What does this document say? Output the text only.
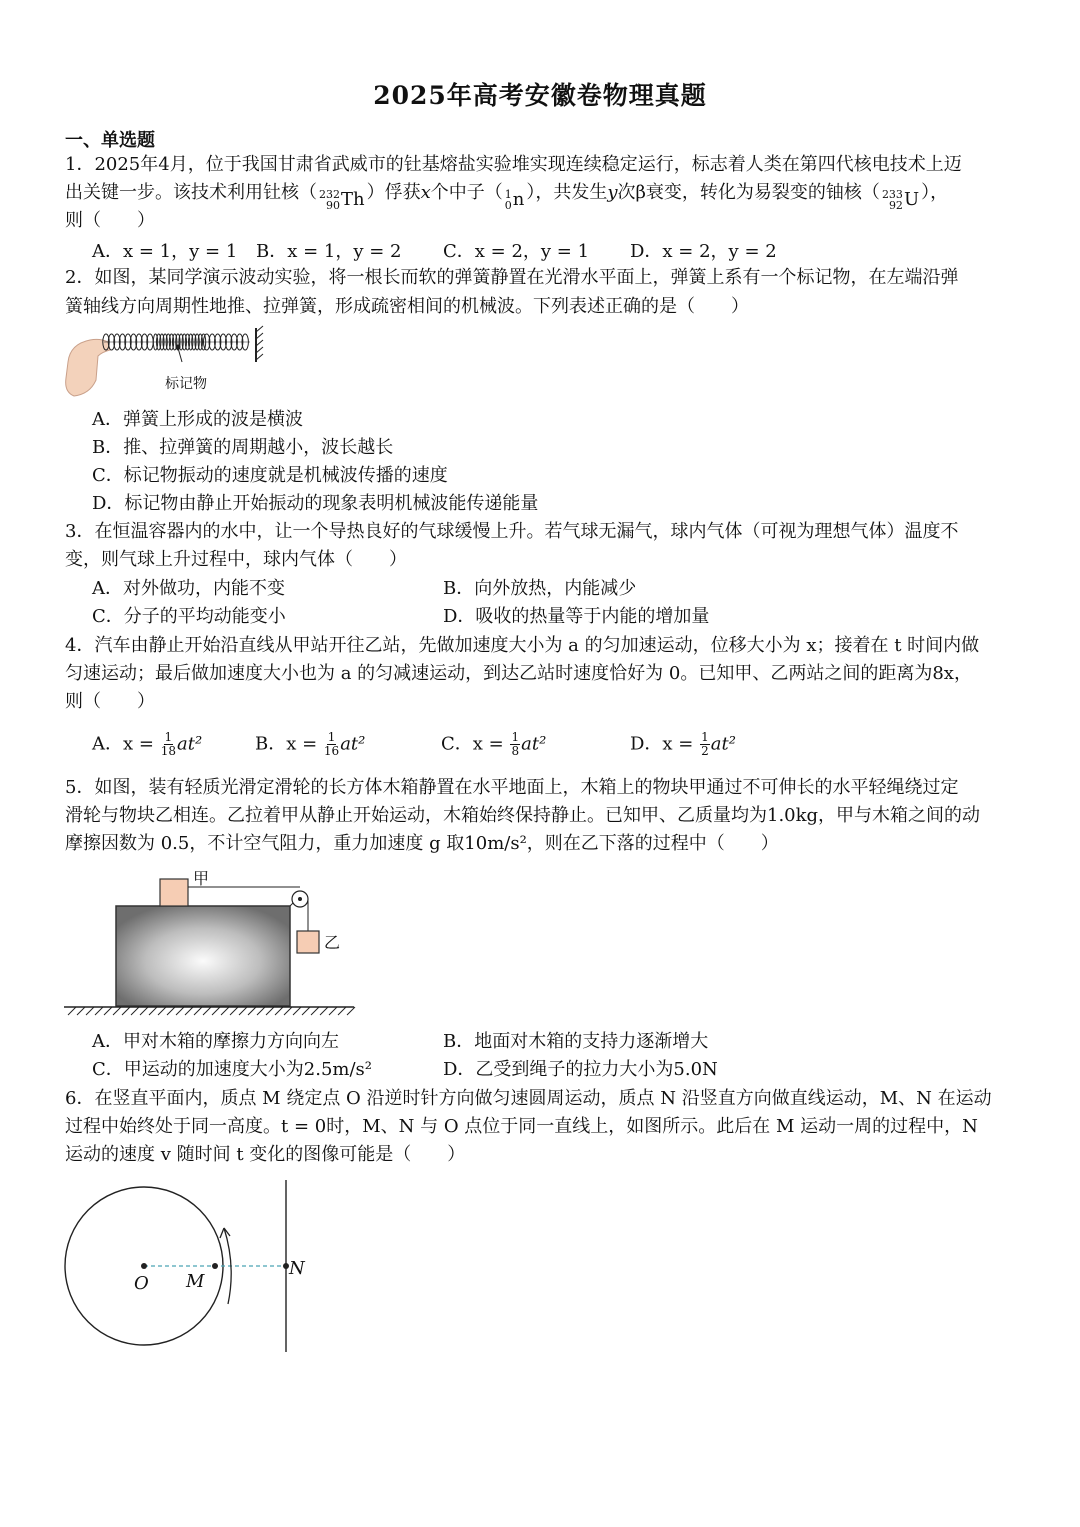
2025年高考安徽卷物理真题
一、单选题
1．2025年4月，位于我国甘肃省武威市的钍基熔盐实验堆实现连续稳定运行，标志着人类在第四代核电技术上迈
出关键一步。该技术利用钍核（ 232
90 Th ）俘获x个中子（ 1
0 n ），共发生y次β衰变，转化为易裂变的铀核（ 233
92 U ），
则（　　）
A．x = 1，y = 1 B．x = 1，y = 2 C．x = 2，y = 1 D．x = 2，y = 2
2．如图，某同学演示波动实验，将一根长而软的弹簧静置在光滑水平面上，弹簧上系有一个标记物，在左端沿弹
簧轴线方向周期性地推、拉弹簧，形成疏密相间的机械波。下列表述正确的是（　　）
标记物
A．弹簧上形成的波是横波
B．推、拉弹簧的周期越小，波长越长
C．标记物振动的速度就是机械波传播的速度
D．标记物由静止开始振动的现象表明机械波能传递能量
3．在恒温容器内的水中，让一个导热良好的气球缓慢上升。若气球无漏气，球内气体（可视为理想气体）温度不
变，则气球上升过程中，球内气体（　　）
A．对外做功，内能不变	B．向外放热，内能减少
C．分子的平均动能变小	D．吸收的热量等于内能的增加量
4．汽车由静止开始沿直线从甲站开往乙站，先做加速度大小为 a 的匀加速运动，位移大小为 x；接着在 t 时间内做
匀速运动；最后做加速度大小也为 a 的匀减速运动，到达乙站时速度恰好为 0。已知甲、乙两站之间的距离为8x，
则（　　）
A．$x = \frac{1}{18} at^2$	B．$x = \frac{1}{16} at^2$	C．$x = \frac{1}{8} at^2$	D．$x = \frac{1}{2} at^2$
5．如图，装有轻质光滑定滑轮的长方体木箱静置在水平地面上，木箱上的物块甲通过不可伸长的水平轻绳绕过定
滑轮与物块乙相连。乙拉着甲从静止开始运动，木箱始终保持静止。已知甲、乙质量均为1.0kg，甲与木箱之间的动
摩擦因数为 0.5，不计空气阻力，重力加速度 g 取10m/s²，则在乙下落的过程中（　　）
甲
乙
A．甲对木箱的摩擦力方向向左	B．地面对木箱的支持力逐渐增大
C．甲运动的加速度大小为2.5m/s²	D．乙受到绳子的拉力大小为5.0N
6．在竖直平面内，质点 M 绕定点 O 沿逆时针方向做匀速圆周运动，质点 N 沿竖直方向做直线运动，M、N 在运动
过程中始终处于同一高度。t = 0时，M、N 与 O 点位于同一直线上，如图所示。此后在 M 运动一周的过程中，N
运动的速度 v 随时间 t 变化的图像可能是（　　）
O M
N
